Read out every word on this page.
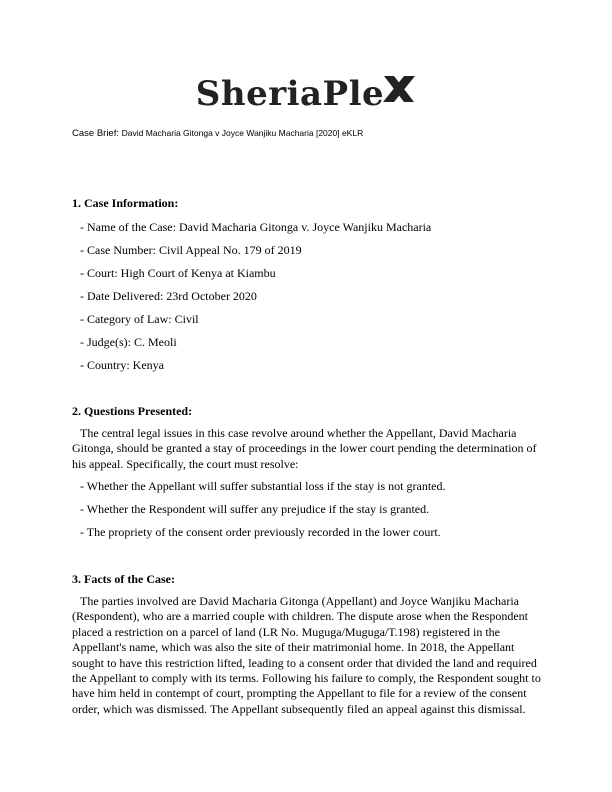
SheriaPle
Case Brief: David Macharia Gitonga v Joyce Wanjiku Macharia [2020] eKLR
1. Case Information:
- Name of the Case: David Macharia Gitonga v. Joyce Wanjiku Macharia
- Case Number: Civil Appeal No. 179 of 2019
- Court: High Court of Kenya at Kiambu
- Date Delivered: 23rd October 2020
- Category of Law: Civil
- Judge(s): C. Meoli
- Country: Kenya
2. Questions Presented:

The central legal issues in this case revolve around whether the Appellant, David Macharia Gitonga, should be granted a stay of proceedings in the lower court pending the determination of his appeal. Specifically, the court must resolve:

- Whether the Appellant will suffer substantial loss if the stay is not granted.
- Whether the Respondent will suffer any prejudice if the stay is granted.
- The propriety of the consent order previously recorded in the lower court.
3. Facts of the Case:

The parties involved are David Macharia Gitonga (Appellant) and Joyce Wanjiku Macharia (Respondent), who are a married couple with children. The dispute arose when the Respondent placed a restriction on a parcel of land (LR No. Muguga/Muguga/T.198) registered in the Appellant's name, which was also the site of their matrimonial home. In 2018, the Appellant sought to have this restriction lifted, leading to a consent order that divided the land and required the Appellant to comply with its terms. Following his failure to comply, the Respondent sought to have him held in contempt of court, prompting the Appellant to file for a review of the consent order, which was dismissed. The Appellant subsequently filed an appeal against this dismissal.
